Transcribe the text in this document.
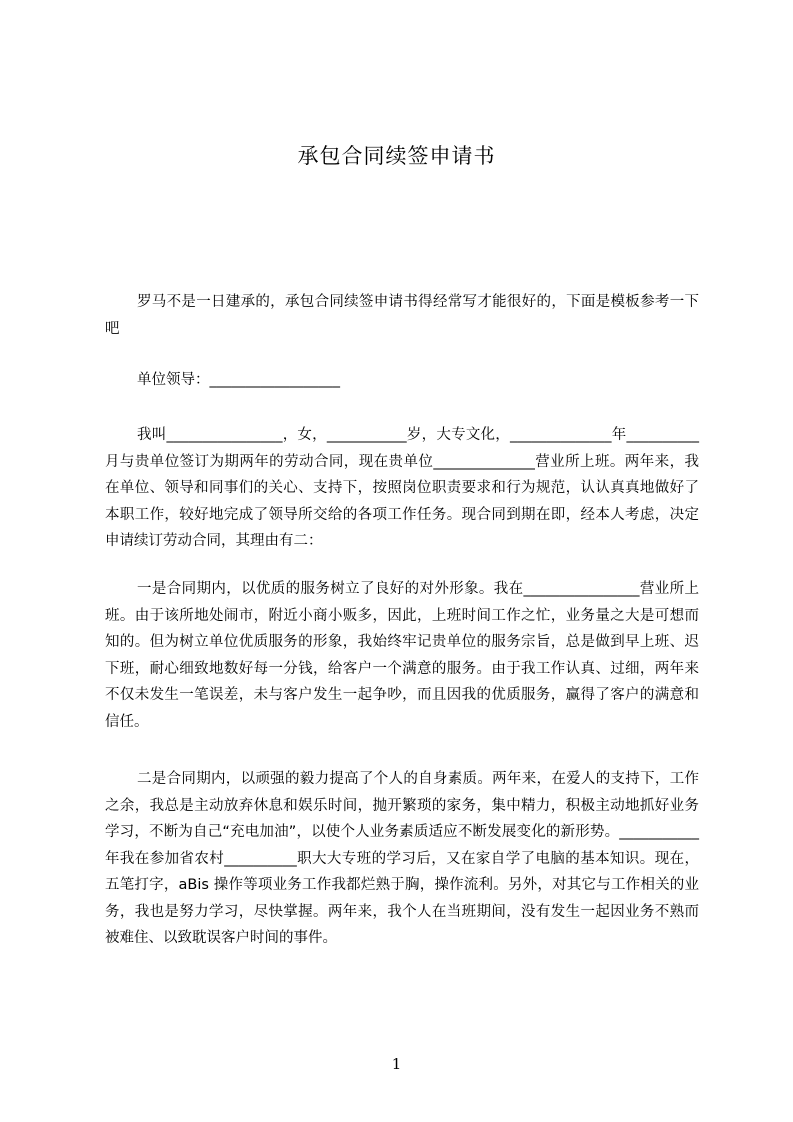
承包合同续签申请书

罗马不是一日建承的，承包合同续签申请书得经常写才能很好的，下面是模板参考一下吧

单位领导：__________________

我叫________________，女，___________岁，大专文化，______________年__________月与贵单位签订为期两年的劳动合同，现在贵单位______________营业所上班。两年来，我在单位、领导和同事们的关心、支持下，按照岗位职责要求和行为规范，认认真真地做好了本职工作，较好地完成了领导所交给的各项工作任务。现合同到期在即，经本人考虑，决定申请续订劳动合同，其理由有二：

一是合同期内，以优质的服务树立了良好的对外形象。我在________________营业所上班。由于该所地处闹市，附近小商小贩多，因此，上班时间工作之忙，业务量之大是可想而知的。但为树立单位优质服务的形象，我始终牢记贵单位的服务宗旨，总是做到早上班、迟下班，耐心细致地数好每一分钱，给客户一个满意的服务。由于我工作认真、过细，两年来不仅未发生一笔误差，未与客户发生一起争吵，而且因我的优质服务，赢得了客户的满意和信任。

二是合同期内，以顽强的毅力提高了个人的自身素质。两年来，在爱人的支持下，工作之余，我总是主动放弃休息和娱乐时间，抛开繁琐的家务，集中精力，积极主动地抓好业务学习，不断为自己“充电加油”，以使个人业务素质适应不断发展变化的新形势。___________年我在参加省农村__________职大大专班的学习后，又在家自学了电脑的基本知识。现在，五笔打字，aBis 操作等项业务工作我都烂熟于胸，操作流利。另外，对其它与工作相关的业务，我也是努力学习，尽快掌握。两年来，我个人在当班期间，没有发生一起因业务不熟而被难住、以致耽误客户时间的事件。

1
